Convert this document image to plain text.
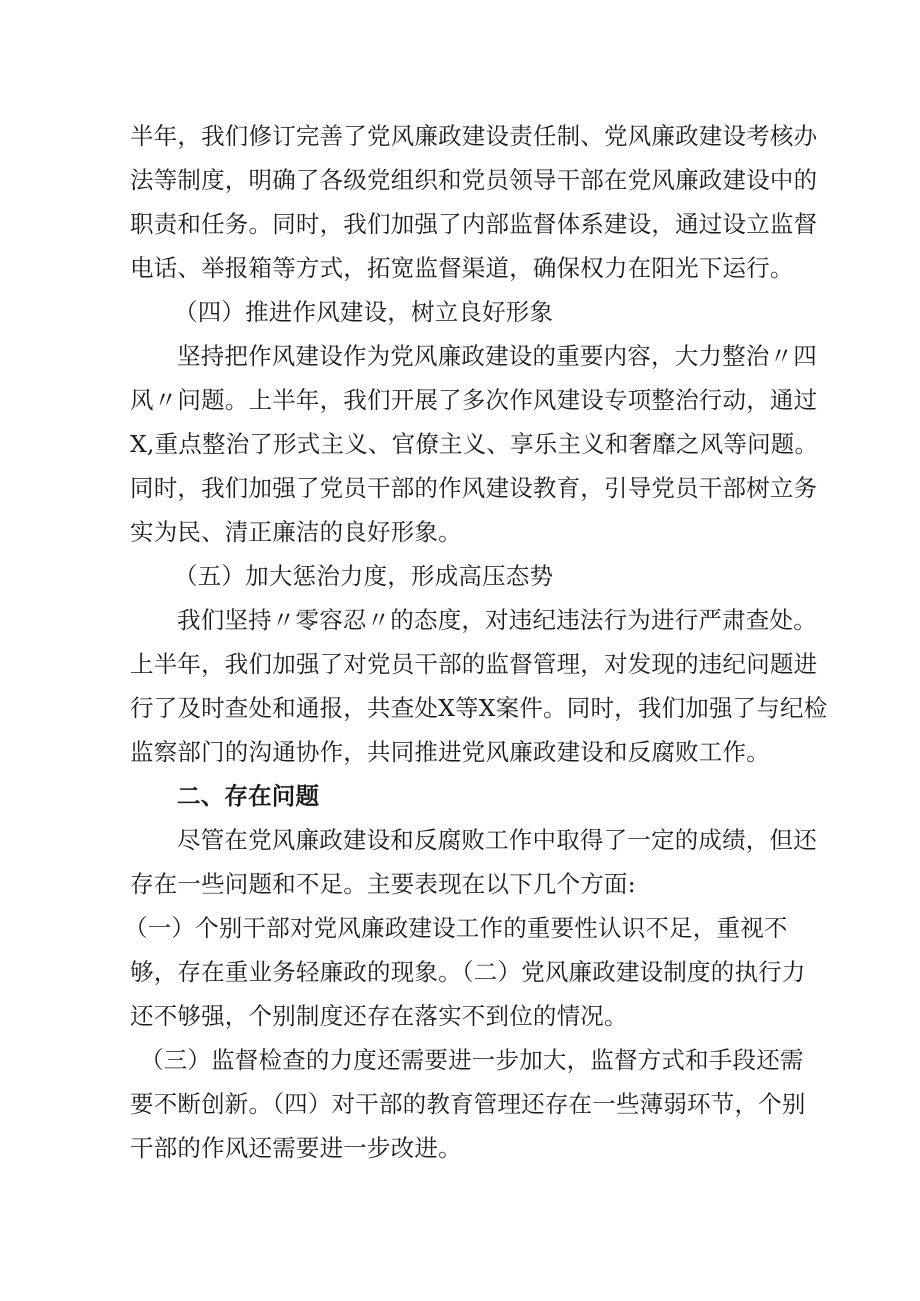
半年，我们修订完善了党风廉政建设责任制、党风廉政建设考核办
法等制度，明确了各级党组织和党员领导干部在党风廉政建设中的
职责和任务。同时，我们加强了内部监督体系建设，通过设立监督
电话、举报箱等方式，拓宽监督渠道，确保权力在阳光下运行。
（四）推进作风建设，树立良好形象
坚持把作风建设作为党风廉政建设的重要内容，大力整治〃四
风〃问题。上半年，我们开展了多次作风建设专项整治行动，通过
X,重点整治了形式主义、官僚主义、享乐主义和奢靡之风等问题。
同时，我们加强了党员干部的作风建设教育，引导党员干部树立务
实为民、清正廉洁的良好形象。
（五）加大惩治力度，形成高压态势
我们坚持〃零容忍〃的态度，对违纪违法行为进行严肃查处。
上半年，我们加强了对党员干部的监督管理，对发现的违纪问题进
行了及时查处和通报，共查处X等X案件。同时，我们加强了与纪检
监察部门的沟通协作，共同推进党风廉政建设和反腐败工作。
二、存在问题
尽管在党风廉政建设和反腐败工作中取得了一定的成绩，但还
存在一些问题和不足。主要表现在以下几个方面:
（一）个别干部对党风廉政建设工作的重要性认识不足，重视不
够，存在重业务轻廉政的现象。（二）党风廉政建设制度的执行力
还不够强，个别制度还存在落实不到位的情况。
（三）监督检查的力度还需要进一步加大，监督方式和手段还需
要不断创新。（四）对干部的教育管理还存在一些薄弱环节，个别
干部的作风还需要进一步改进。
